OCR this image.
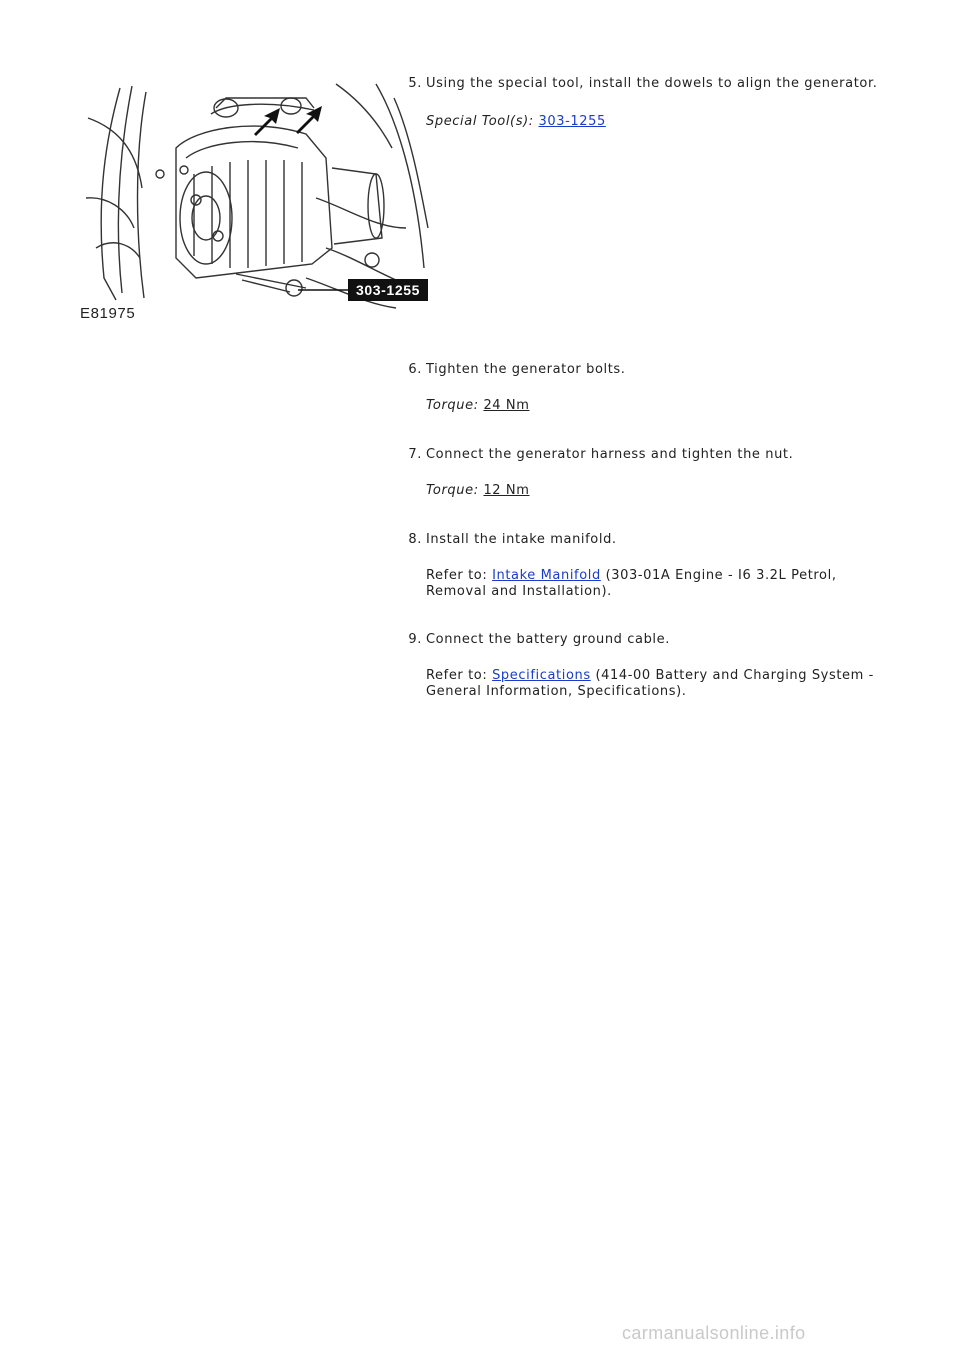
303-1255
E81975
5. Using the special tool, install the dowels to align the generator.
Special Tool(s): 303-1255
6. Tighten the generator bolts.
Torque: 24 Nm
7. Connect the generator harness and tighten the nut.
Torque: 12 Nm
8. Install the intake manifold.
Refer to: Intake Manifold (303-01A Engine - I6 3.2L Petrol, Removal and Installation).
9. Connect the battery ground cable.
Refer to: Specifications (414-00 Battery and Charging System - General Information, Specifications).
carmanualsonline.info
